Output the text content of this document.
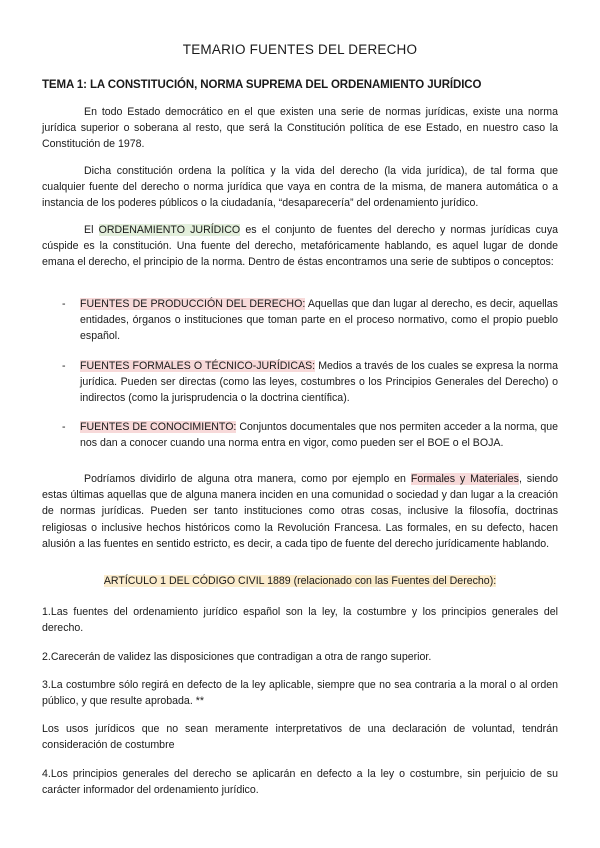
TEMARIO FUENTES DEL DERECHO
TEMA 1: LA CONSTITUCIÓN, NORMA SUPREMA DEL ORDENAMIENTO JURÍDICO

En todo Estado democrático en el que existen una serie de normas jurídicas, existe una norma jurídica superior o soberana al resto, que será la Constitución política de ese Estado, en nuestro caso la Constitución de 1978.

Dicha constitución ordena la política y la vida del derecho (la vida jurídica), de tal forma que cualquier fuente del derecho o norma jurídica que vaya en contra de la misma, de manera automática o a instancia de los poderes públicos o la ciudadanía, “desaparecería” del ordenamiento jurídico.

El ORDENAMIENTO JURÍDICO es el conjunto de fuentes del derecho y normas jurídicas cuya cúspide es la constitución. Una fuente del derecho, metafóricamente hablando, es aquel lugar de donde emana el derecho, el principio de la norma. Dentro de éstas encontramos una serie de subtipos o conceptos:

- FUENTES DE PRODUCCIÓN DEL DERECHO: Aquellas que dan lugar al derecho, es decir, aquellas entidades, órganos o instituciones que toman parte en el proceso normativo, como el propio pueblo español.
- FUENTES FORMALES O TÉCNICO-JURÍDICAS: Medios a través de los cuales se expresa la norma jurídica. Pueden ser directas (como las leyes, costumbres o los Principios Generales del Derecho) o indirectos (como la jurisprudencia o la doctrina científica).
- FUENTES DE CONOCIMIENTO: Conjuntos documentales que nos permiten acceder a la norma, que nos dan a conocer cuando una norma entra en vigor, como pueden ser el BOE o el BOJA.

Podríamos dividirlo de alguna otra manera, como por ejemplo en Formales y Materiales, siendo estas últimas aquellas que de alguna manera inciden en una comunidad o sociedad y dan lugar a la creación de normas jurídicas. Pueden ser tanto instituciones como otras cosas, inclusive la filosofía, doctrinas religiosas o inclusive hechos históricos como la Revolución Francesa. Las formales, en su defecto, hacen alusión a las fuentes en sentido estricto, es decir, a cada tipo de fuente del derecho jurídicamente hablando.

ARTÍCULO 1 DEL CÓDIGO CIVIL 1889 (relacionado con las Fuentes del Derecho):

1.Las fuentes del ordenamiento jurídico español son la ley, la costumbre y los principios generales del derecho.

2.Carecerán de validez las disposiciones que contradigan a otra de rango superior.

3.La costumbre sólo regirá en defecto de la ley aplicable, siempre que no sea contraria a la moral o al orden público, y que resulte aprobada. **

Los usos jurídicos que no sean meramente interpretativos de una declaración de voluntad, tendrán consideración de costumbre

4.Los principios generales del derecho se aplicarán en defecto a la ley o costumbre, sin perjuicio de su carácter informador del ordenamiento jurídico.
